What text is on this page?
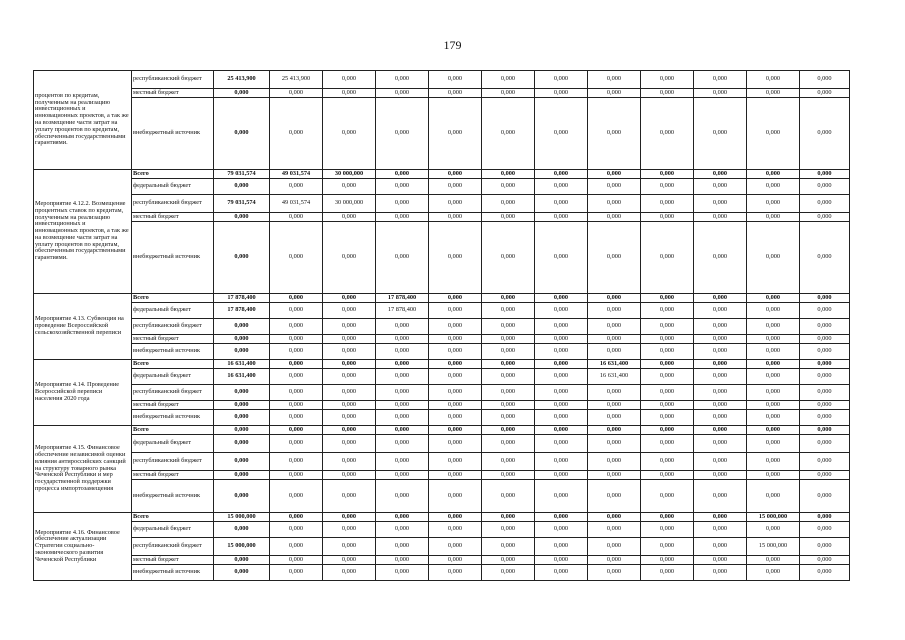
179
процентов по кредитам, полученным на реализацию инвестиционных и инновационных проектов, а так же на возмещение части затрат на уплату процентов по кредитам, обеспеченным государственными гарантиями.	республиканский бюджет	25 413,900	25 413,900	0,000	0,000	0,000	0,000	0,000	0,000	0,000	0,000	0,000	0,000
	местный бюджет	0,000	0,000	0,000	0,000	0,000	0,000	0,000	0,000	0,000	0,000	0,000	0,000
	внебюджетный источник	0,000	0,000	0,000	0,000	0,000	0,000	0,000	0,000	0,000	0,000	0,000	0,000
Мероприятие 4.12.2. Возмещение процентных ставок по кредитам, полученным на реализацию инвестиционных и инновационных проектов, а так же на возмещение части затрат на уплату процентов по кредитам, обеспеченным государственными гарантиями.	Всего	79 031,574	49 031,574	30 000,000	0,000	0,000	0,000	0,000	0,000	0,000	0,000	0,000	0,000
	федеральный бюджет	0,000	0,000	0,000	0,000	0,000	0,000	0,000	0,000	0,000	0,000	0,000	0,000
	республиканский бюджет	79 031,574	49 031,574	30 000,000	0,000	0,000	0,000	0,000	0,000	0,000	0,000	0,000	0,000
	местный бюджет	0,000	0,000	0,000	0,000	0,000	0,000	0,000	0,000	0,000	0,000	0,000	0,000
	внебюджетный источник	0,000	0,000	0,000	0,000	0,000	0,000	0,000	0,000	0,000	0,000	0,000	0,000
Мероприятие 4.13. Субвенция на проведение Всероссийской сельскохозяйственной переписи	Всего	17 878,400	0,000	0,000	17 878,400	0,000	0,000	0,000	0,000	0,000	0,000	0,000	0,000
	федеральный бюджет	17 878,400	0,000	0,000	17 878,400	0,000	0,000	0,000	0,000	0,000	0,000	0,000	0,000
	республиканский бюджет	0,000	0,000	0,000	0,000	0,000	0,000	0,000	0,000	0,000	0,000	0,000	0,000
	местный бюджет	0,000	0,000	0,000	0,000	0,000	0,000	0,000	0,000	0,000	0,000	0,000	0,000
	внебюджетный источник	0,000	0,000	0,000	0,000	0,000	0,000	0,000	0,000	0,000	0,000	0,000	0,000
Мероприятие 4.14. Проведение Всероссийской переписи населения 2020 года	Всего	16 631,400	0,000	0,000	0,000	0,000	0,000	0,000	16 631,400	0,000	0,000	0,000	0,000
	федеральный бюджет	16 631,400	0,000	0,000	0,000	0,000	0,000	0,000	16 631,400	0,000	0,000	0,000	0,000
	республиканский бюджет	0,000	0,000	0,000	0,000	0,000	0,000	0,000	0,000	0,000	0,000	0,000	0,000
	местный бюджет	0,000	0,000	0,000	0,000	0,000	0,000	0,000	0,000	0,000	0,000	0,000	0,000
	внебюджетный источник	0,000	0,000	0,000	0,000	0,000	0,000	0,000	0,000	0,000	0,000	0,000	0,000
Мероприятие 4.15. Финансовое обеспечение независимой оценки влияния антироссийских санкций на структуру товарного рынка Чеченской Республики и мер государственной поддержки процесса импортозамещения	Всего	0,000	0,000	0,000	0,000	0,000	0,000	0,000	0,000	0,000	0,000	0,000	0,000
	федеральный бюджет	0,000	0,000	0,000	0,000	0,000	0,000	0,000	0,000	0,000	0,000	0,000	0,000
	республиканский бюджет	0,000	0,000	0,000	0,000	0,000	0,000	0,000	0,000	0,000	0,000	0,000	0,000
	местный бюджет	0,000	0,000	0,000	0,000	0,000	0,000	0,000	0,000	0,000	0,000	0,000	0,000
	внебюджетный источник	0,000	0,000	0,000	0,000	0,000	0,000	0,000	0,000	0,000	0,000	0,000	0,000
Мероприятие 4.16. Финансовое обеспечение актуализации Стратегии социально-экономического развития Чеченской Республики	Всего	15 000,000	0,000	0,000	0,000	0,000	0,000	0,000	0,000	0,000	0,000	15 000,000	0,000
	федеральный бюджет	0,000	0,000	0,000	0,000	0,000	0,000	0,000	0,000	0,000	0,000	0,000	0,000
	республиканский бюджет	15 000,000	0,000	0,000	0,000	0,000	0,000	0,000	0,000	0,000	0,000	15 000,000	0,000
	местный бюджет	0,000	0,000	0,000	0,000	0,000	0,000	0,000	0,000	0,000	0,000	0,000	0,000
	внебюджетный источник	0,000	0,000	0,000	0,000	0,000	0,000	0,000	0,000	0,000	0,000	0,000	0,000
